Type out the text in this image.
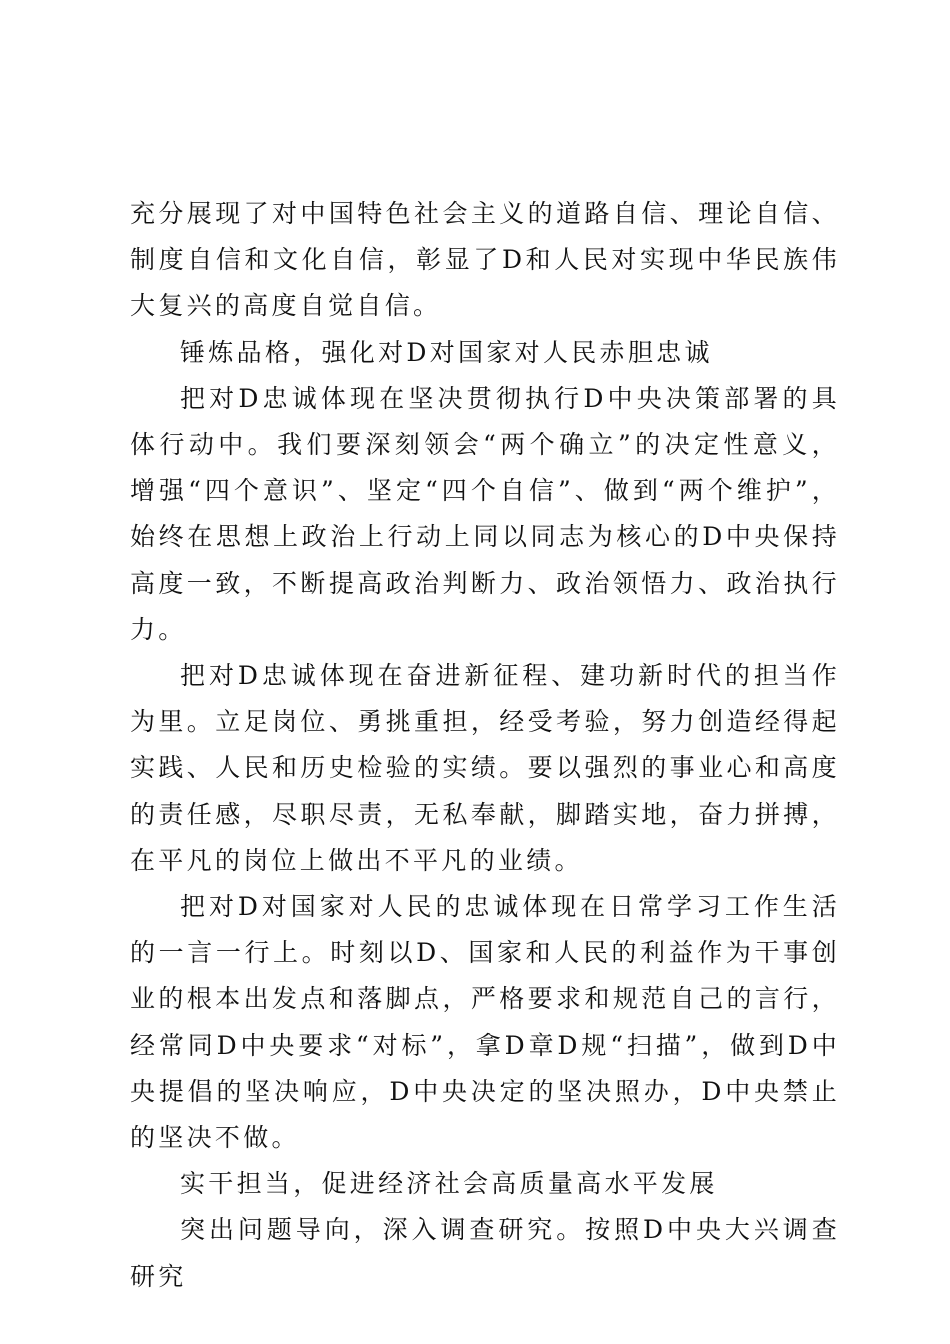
充分展现了对中国特色社会主义的道路自信、理论自信、制度自信和文化自信，彰显了D和人民对实现中华民族伟大复兴的高度自觉自信。

锤炼品格，强化对D对国家对人民赤胆忠诚

把对D忠诚体现在坚决贯彻执行D中央决策部署的具体行动中。我们要深刻领会“两个确立”的决定性意义，增强“四个意识”、坚定“四个自信”、做到“两个维护”，始终在思想上政治上行动上同以同志为核心的D中央保持高度一致，不断提高政治判断力、政治领悟力、政治执行力。

把对D忠诚体现在奋进新征程、建功新时代的担当作为里。立足岗位、勇挑重担，经受考验，努力创造经得起实践、人民和历史检验的实绩。要以强烈的事业心和高度的责任感，尽职尽责，无私奉献，脚踏实地，奋力拼搏，在平凡的岗位上做出不平凡的业绩。

把对D对国家对人民的忠诚体现在日常学习工作生活的一言一行上。时刻以D、国家和人民的利益作为干事创业的根本出发点和落脚点，严格要求和规范自己的言行，经常同D中央要求“对标”，拿D章D规“扫描”，做到D中央提倡的坚决响应，D中央决定的坚决照办，D中央禁止的坚决不做。

实干担当，促进经济社会高质量高水平发展

突出问题导向，深入调查研究。按照D中央大兴调查研究
